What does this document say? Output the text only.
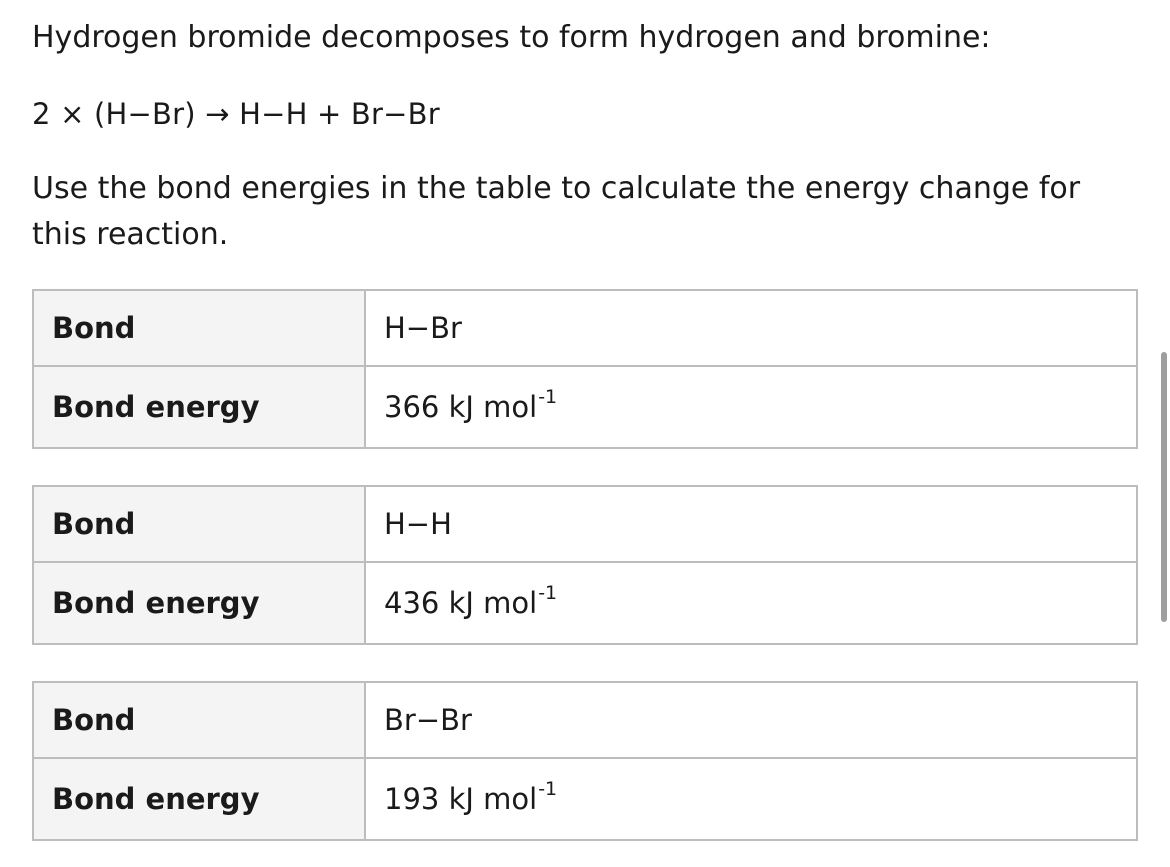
Hydrogen bromide decomposes to form hydrogen and bromine:

2 × (H−Br) → H−H + Br−Br

Use the bond energies in the table to calculate the energy change for this reaction.

Bond	H−Br
Bond energy	366 kJ mol$^{-1}$
Bond	H−H
Bond energy	436 kJ mol$^{-1}$
Bond	Br−Br
Bond energy	193 kJ mol$^{-1}$
